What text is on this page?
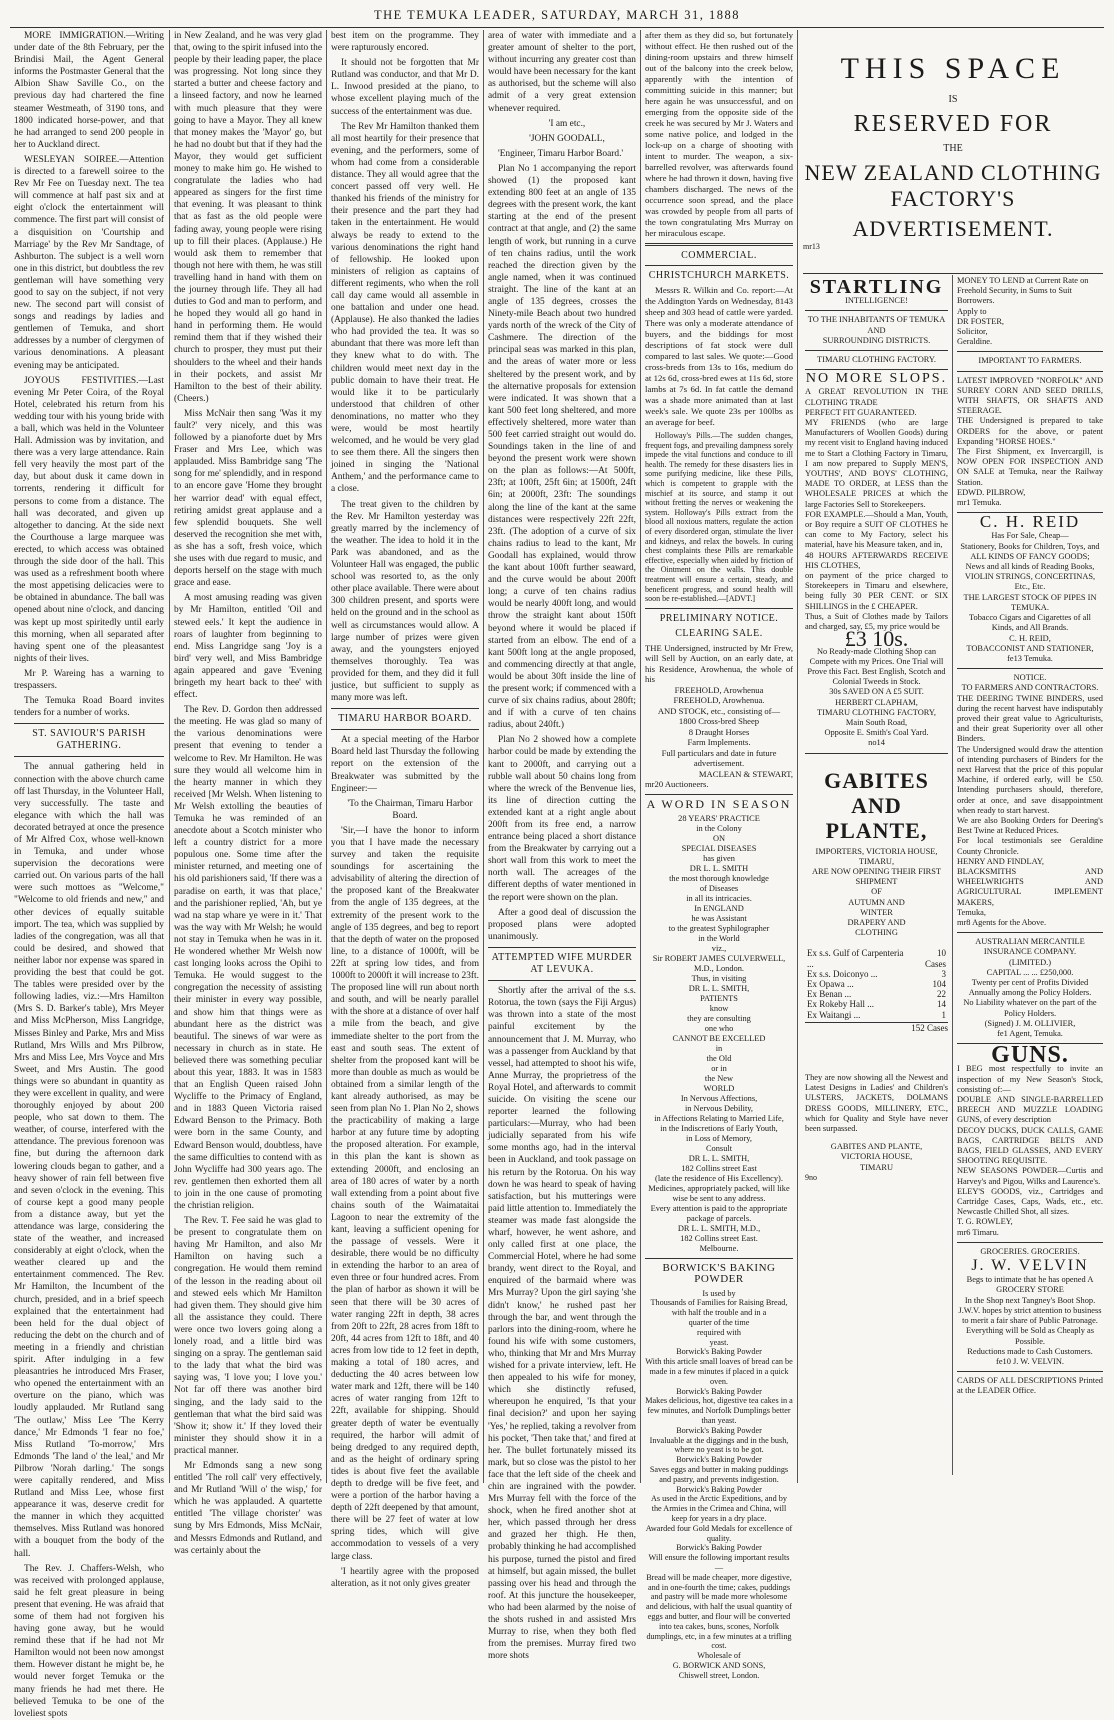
THE TEMUKA LEADER, SATURDAY, MARCH 31, 1888

MORE IMMIGRATION.—Writing under date of the 8th February, per the Brindisi Mail, the Agent General informs the Postmaster General that the Albion Shaw Saville Co., on the previous day had chartered the fine steamer Westmeath, of 3190 tons, and 1800 indicated horse-power, and that he had arranged to send 200 people in her to Auckland direct.

WESLEYAN SOIREE.—Attention is directed to a farewell soiree to the Rev Mr Fee on Tuesday next. The tea will commence at half past six and at eight o'clock the entertainment will commence. The first part will consist of a disquisition on 'Courtship and Marriage' by the Rev Mr Sandtage, of Ashburton. The subject is a well worn one in this district, but doubtless the rev gentleman will have something very good to say on the subject, if not very new. The second part will consist of songs and readings by ladies and gentlemen of Temuka, and short addresses by a number of clergymen of various denominations. A pleasant evening may be anticipated.

JOYOUS FESTIVITIES.—Last evening Mr Peter Coira, of the Royal Hotel, celebrated his return from his wedding tour with his young bride with a ball, which was held in the Volunteer Hall. Admission was by invitation, and there was a very large attendance. Rain fell very heavily the most part of the day, but about dusk it came down in torrents, rendering it difficult for persons to come from a distance. The hall was decorated, and given up altogether to dancing. At the side next the Courthouse a large marquee was erected, to which access was obtained through the side door of the hall. This was used as a refreshment booth where the most appetising delicacies were to be obtained in abundance. The ball was opened about nine o'clock, and dancing was kept up most spiritedly until early this morning, when all separated after having spent one of the pleasantest nights of their lives.

Mr P. Wareing has a warning to trespassers.

The Temuka Road Board invites tenders for a number of works.

ST. SAVIOUR'S PARISH GATHERING.

The annual gathering held in connection with the above church came off last Thursday, in the Volunteer Hall, very successfully. The taste and elegance with which the hall was decorated betrayed at once the presence of Mr Alfred Cox, whose well-known in Temuka, and under whose supervision the decorations were carried out. On various parts of the hall were such mottoes as "Welcome," "Welcome to old friends and new," and other devices of equally suitable import. The tea, which was supplied by ladies of the congregation, was all that could be desired, and showed that neither labor nor expense was spared in providing the best that could be got. The tables were presided over by the following ladies, viz.:—Mrs Hamilton (Mrs S. D. Barker's table), Mrs Meyer and Miss McPherson, Miss Langridge, Misses Binley and Parke, Mrs and Miss Rutland, Mrs Wills and Mrs Pilbrow, Mrs and Miss Lee, Mrs Voyce and Mrs Sweet, and Mrs Austin. The good things were so abundant in quantity as they were excellent in quality, and were thoroughly enjoyed by about 200 people, who sat down to them. The weather, of course, interfered with the attendance. The previous forenoon was fine, but during the afternoon dark lowering clouds began to gather, and a heavy shower of rain fell between five and seven o'clock in the evening. This of course kept a good many people from a distance away, but yet the attendance was large, considering the state of the weather, and increased considerably at eight o'clock, when the weather cleared up and the entertainment commenced. The Rev. Mr Hamilton, the Incumbent of the church, presided, and in a brief speech explained that the entertainment had been held for the dual object of reducing the debt on the church and of meeting in a friendly and christian spirit. After indulging in a few pleasantries he introduced Mrs Fraser, who opened the entertainment with an overture on the piano, which was loudly applauded. Mr Rutland sang 'The outlaw,' Miss Lee 'The Kerry dance,' Mr Edmonds 'I fear no foe,' Miss Rutland 'To-morrow,' Mrs Edmonds 'The land o' the leal,' and Mr Pilbrow 'Norah darling.' The songs were capitally rendered, and Miss Rutland and Miss Lee, whose first appearance it was, deserve credit for the manner in which they acquitted themselves. Miss Rutland was honored with a bouquet from the body of the hall.

The Rev. J. Chaffers-Welsh, who was received with prolonged applause, said he felt great pleasure in being present that evening. He was afraid that some of them had not forgiven his having gone away, but he would remind these that if he had not Mr Hamilton would not been now amongst them. However distant he might be, he would never forget Temuka or the many friends he had met there. He believed Temuka to be one of the loveliest spots

in New Zealand, and he was very glad that, owing to the spirit infused into the people by their leading paper, the place was progressing. Not long since they started a butter and cheese factory and a linseed factory, and now he learned with much pleasure that they were going to have a Mayor. They all knew that money makes the 'Mayor' go, but he had no doubt but that if they had the Mayor, they would get sufficient money to make him go. He wished to congratulate the ladies who had appeared as singers for the first time that evening. It was pleasant to think that as fast as the old people were fading away, young people were rising up to fill their places. (Applause.) He would ask them to remember that though not here with them, he was still travelling hand in hand with them on the journey through life. They all had duties to God and man to perform, and he hoped they would all go hand in hand in performing them. He would remind them that if they wished their church to prosper, they must put their shoulders to the wheel and their hands in their pockets, and assist Mr Hamilton to the best of their ability. (Cheers.)

Miss McNair then sang 'Was it my fault?' very nicely, and this was followed by a pianoforte duet by Mrs Fraser and Mrs Lee, which was applauded. Miss Bambridge sang 'The song for me' splendidly, and in respond to an encore gave 'Home they brought her warrior dead' with equal effect, retiring amidst great applause and a few splendid bouquets. She well deserved the recognition she met with, as she has a soft, fresh voice, which she uses with due regard to music, and deports herself on the stage with much grace and ease.

A most amusing reading was given by Mr Hamilton, entitled 'Oil and stewed eels.' It kept the audience in roars of laughter from beginning to end. Miss Langridge sang 'Joy is a bird' very well, and Miss Bambridge again appeared and gave 'Evening bringeth my heart back to thee' with effect.

The Rev. D. Gordon then addressed the meeting. He was glad so many of the various denominations were present that evening to tender a welcome to Rev. Mr Hamilton. He was sure they would all welcome him in the hearty manner in which they received [Mr Welsh. When listening to Mr Welsh extolling the beauties of Temuka he was reminded of an anecdote about a Scotch minister who left a country district for a more populous one. Some time after the minister returned, and meeting one of his old parishioners said, 'If there was a paradise on earth, it was that place,' and the parishioner replied, 'Ah, but ye wad na stap whare ye were in it.' That was the way with Mr Welsh; he would not stay in Temuka when he was in it. He wondered whether Mr Welsh now cast longing looks across the Opihi to Temuka. He would suggest to the congregation the necessity of assisting their minister in every way possible, and show him that things were as abundant here as the district was beautiful. The sinews of war were as necessary in church as in state. He believed there was something peculiar about this year, 1883. It was in 1583 that an English Queen raised John Wycliffe to the Primacy of England, and in 1883 Queen Victoria raised Edward Benson to the Primacy. Both were born in the same County, and Edward Benson would, doubtless, have the same difficulties to contend with as John Wycliffe had 300 years ago. The rev. gentlemen then exhorted them all to join in the one cause of promoting the christian religion.

The Rev. T. Fee said he was glad to be present to congratulate them on having Mr Hamilton, and also Mr Hamilton on having such a congregation. He would them remind of the lesson in the reading about oil and stewed eels which Mr Hamilton had given them. They should give him all the assistance they could. There were once two lovers going along a lonely road, and a little bird was singing on a spray. The gentleman said to the lady that what the bird was saying was, 'I love you; I love you.' Not far off there was another bird singing, and the lady said to the gentleman that what the bird said was 'Show it; show it.' If they loved their minister they should show it in a practical manner.

Mr Edmonds sang a new song entitled 'The roll call' very effectively, and Mr Rutland 'Will o' the wisp,' for which he was applauded. A quartette entitled 'The village chorister' was sung by Mrs Edmonds, Miss McNair, and Messrs Edmonds and Rutland, and was certainly about the

best item on the programme. They were rapturously encored.

It should not be forgotten that Mr Rutland was conductor, and that Mr D. L. Inwood presided at the piano, to whose excellent playing much of the success of the entertainment was due.

The Rev Mr Hamilton thanked them all most heartily for their presence that evening, and the performers, some of whom had come from a considerable distance. They all would agree that the concert passed off very well. He thanked his friends of the ministry for their presence and the part they had taken in the entertainment. He would always be ready to extend to the various denominations the right hand of fellowship. He looked upon ministers of religion as captains of different regiments, who when the roll call day came would all assemble in one battalion and under one head. (Applause). He also thanked the ladies who had provided the tea. It was so abundant that there was more left than they knew what to do with. The children would meet next day in the public domain to have their treat. He would like it to be particularly understood that children of other denominations, no matter who they were, would be most heartily welcomed, and he would be very glad to see them there. All the singers then joined in singing the 'National Anthem,' and the performance came to a close.

The treat given to the children by the Rev. Mr Hamilton yesterday was greatly marred by the inclemency of the weather. The idea to hold it in the Park was abandoned, and as the Volunteer Hall was engaged, the public school was resorted to, as the only other place available. There were about 300 children present, and sports were held on the ground and in the school as well as circumstances would allow. A large number of prizes were given away, and the youngsters enjoyed themselves thoroughly. Tea was provided for them, and they did it full justice, but sufficient to supply as many more was left.

TIMARU HARBOR BOARD.

At a special meeting of the Harbor Board held last Thursday the following report on the extension of the Breakwater was submitted by the Engineer:—

'To the Chairman, Timaru Harbor Board.

'Sir,—I have the honor to inform you that I have made the necessary survey and taken the requisite soundings for ascertaining the advisability of altering the direction of the proposed kant of the Breakwater from the angle of 135 degrees, at the extremity of the present work to the angle of 135 degrees, and beg to report that the depth of water on the proposed line, to a distance of 1000ft, will be 22ft at spring low tides, and from 1000ft to 2000ft it will increase to 23ft. The proposed line will run about north and south, and will be nearly parallel with the shore at a distance of over half a mile from the beach, and give immediate shelter to the port from the east and south seas. The extent of shelter from the proposed kant will be more than double as much as would be obtained from a similar length of the kant already authorised, as may be seen from plan No 1. Plan No 2, shows the practicability of making a large harbor at any future time by adopting the proposed alteration. For example, in this plan the kant is shown as extending 2000ft, and enclosing an area of 180 acres of water by a north wall extending from a point about five chains south of the Waimataitai Lagoon to near the extremity of the kant, leaving a sufficient opening for the passage of vessels. Were it desirable, there would be no difficulty in extending the harbor to an area of even three or four hundred acres. From the plan of harbor as shown it will be seen that there will be 30 acres of water ranging 22ft in depth, 38 acres from 20ft to 22ft, 28 acres from 18ft to 20ft, 44 acres from 12ft to 18ft, and 40 acres from low tide to 12 feet in depth, making a total of 180 acres, and deducting the 40 acres between low water mark and 12ft, there will be 140 acres of water ranging from 12ft to 22ft, available for shipping. Should greater depth of water be eventually required, the harbor will admit of being dredged to any required depth, and as the height of ordinary spring tides is about five feet the available depth to dredge will be five feet, and were a portion of the harbor having a depth of 22ft deepened by that amount, there will be 27 feet of water at low spring tides, which will give accommodation to vessels of a very large class.

'I heartily agree with the proposed alteration, as it not only gives greater

area of water with immediate and a greater amount of shelter to the port, without incurring any greater cost than would have been necessary for the kant as authorised, but the scheme will also admit of a very great extension whenever required.

'I am etc.,

'JOHN GOODALL,

'Engineer, Timaru Harbor Board.'

Plan No 1 accompanying the report showed (1) the proposed kant extending 800 feet at an angle of 135 degrees with the present work, the kant starting at the end of the present contract at that angle, and (2) the same length of work, but running in a curve of ten chains radius, until the work reached the direction given by the angle named, when it was continued straight. The line of the kant at an angle of 135 degrees, crosses the Ninety-mile Beach about two hundred yards north of the wreck of the City of Cashmere. The direction of the principal seas was marked in this plan, and the areas of water more or less sheltered by the present work, and by the alternative proposals for extension were indicated. It was shown that a kant 500 feet long sheltered, and more effectively sheltered, more water than 500 feet carried straight out would do. Soundings taken in the line of and beyond the present work were shown on the plan as follows:—At 500ft, 23ft; at 100ft, 25ft 6in; at 1500ft, 24ft 6in; at 2000ft, 23ft: The soundings along the line of the kant at the same distances were respectively 22ft 22ft, 23ft. (The adoption of a curve of six chains radius to lead to the kant, Mr Goodall has explained, would throw the kant about 100ft further seaward, and the curve would be about 200ft long; a curve of ten chains radius would be nearly 400ft long, and would throw the straight kant about 150ft beyond where it would be placed if started from an elbow. The end of a kant 500ft long at the angle proposed, and commencing directly at that angle, would be about 30ft inside the line of the present work; if commenced with a curve of six chains radius, about 280ft; and if with a curve of ten chains radius, about 240ft.)

Plan No 2 showed how a complete harbor could be made by extending the kant to 2000ft, and carrying out a rubble wall about 50 chains long from where the wreck of the Benvenue lies, its line of direction cutting the extended kant at a right angle about 200ft from its free end, a narrow entrance being placed a short distance from the Breakwater by carrying out a short wall from this work to meet the north wall. The acreages of the different depths of water mentioned in the report were shown on the plan.

After a good deal of discussion the proposed plans were adopted unanimously.

ATTEMPTED WIFE MURDER AT LEVUKA.

Shortly after the arrival of the s.s. Rotorua, the town (says the Fiji Argus) was thrown into a state of the most painful excitement by the announcement that J. M. Murray, who was a passenger from Auckland by that vessel, had attempted to shoot his wife, Anne Murray, the proprietress of the Royal Hotel, and afterwards to commit suicide. On visiting the scene our reporter learned the following particulars:—Murray, who had been judicially separated from his wife some months ago, had in the interval been in Auckland, and took passage on his return by the Rotorua. On his way down he was heard to speak of having satisfaction, but his mutterings were paid little attention to. Immediately the steamer was made fast alongside the wharf, however, he went ashore, and only called first at one place, the Commercial Hotel, where he had some brandy, went direct to the Royal, and enquired of the barmaid where was Mrs Murray? Upon the girl saying 'she didn't know,' he rushed past her through the bar, and went through the parlors into the dining-room, where he found his wife with some customers, who, thinking that Mr and Mrs Murray wished for a private interview, left. He then appealed to his wife for money, which she distinctly refused, whereupon he enquired, 'Is that your final decision?' and upon her saying 'Yes,' he replied, taking a revolver from his pocket, 'Then take that,' and fired at her. The bullet fortunately missed its mark, but so close was the pistol to her face that the left side of the cheek and chin are ingrained with the powder. Mrs Murray fell with the force of the shock, when he fired another shot at her, which passed through her dress and grazed her thigh. He then, probably thinking he had accomplished his purpose, turned the pistol and fired at himself, but again missed, the bullet passing over his head and through the roof. At this juncture the housekeeper, who had been alarmed by the noise of the shots rushed in and assisted Mrs Murray to rise, when they both fled from the premises. Murray fired two more shots

after them as they did so, but fortunately without effect. He then rushed out of the dining-room upstairs and threw himself out of the balcony into the creek below, apparently with the intention of committing suicide in this manner; but here again he was unsuccessful, and on emerging from the opposite side of the creek he was secured by Mr J. Waters and some native police, and lodged in the lock-up on a charge of shooting with intent to murder. The weapon, a six-barrelled revolver, was afterwards found where he had thrown it down, having five chambers discharged. The news of the occurrence soon spread, and the place was crowded by people from all parts of the town congratulating Mrs Murray on her miraculous escape.

COMMERCIAL.
CHRISTCHURCH MARKETS.

Messrs R. Wilkin and Co. report:—At the Addington Yards on Wednesday, 8143 sheep and 303 head of cattle were yarded. There was only a moderate attendance of buyers, and the biddings for most descriptions of fat stock were dull compared to last sales. We quote:—Good cross-breds from 13s to 16s, medium do at 12s 6d, cross-bred ewes at 11s 6d, store lambs at 7s 6d. In fat cattle the demand was a shade more animated than at last week's sale. We quote 23s per 100lbs as an average for beef.

Holloway's Pills.—The sudden changes, frequent fogs, and prevailing dampness sorely impede the vital functions and conduce to ill health. The remedy for these disasters lies in some purifying medicine, like these Pills, which is competent to grapple with the mischief at its source, and stamp it out without fretting the nerves or weakening the system. Holloway's Pills extract from the blood all noxious matters, regulate the action of every disordered organ, stimulate the liver and kidneys, and relax the bowels. In curing chest complaints these Pills are remarkable effective, especially when aided by friction of the Ointment on the walls. This double treatment will ensure a certain, steady, and beneficent progress, and sound health will soon be re-established.—[ADVT.]

PRELIMINARY NOTICE.
CLEARING SALE.
THE Undersigned, instructed by Mr Frew, will Sell by Auction, on an early date, at his Residence, Arowhenua, the whole of his
FREEHOLD, Arowhenua
FREEHOLD, Arowhenua.
AND STOCK, etc., consisting of—
1800 Cross-bred Sheep
8 Draught Horses
Farm Implements.
Full particulars and date in future advertisement.
MACLEAN & STEWART,
mr20 Auctioneers.
A WORD IN SEASON
28 YEARS' PRACTICE
in the Colony
ON
SPECIAL DISEASES
has given
DR L. L. SMITH
the most thorough knowledge
of Diseases
in all its intricacies.
In ENGLAND
he was Assistant
to the greatest Syphilographer
in the World
viz.,
Sir ROBERT JAMES CULVERWELL,
M.D., London.
Thus, in visiting
DR L. L. SMITH,
PATIENTS
know
they are consulting
one who
CANNOT BE EXCELLED
in
the Old
or in
the New
WORLD
In Nervous Affections,
in Nervous Debility,
in Affections Relating to Married Life,
in the Indiscretions of Early Youth,
in Loss of Memory,
Consult
DR L. L. SMITH,
182 Collins street East
(late the residence of His Excellency).
Medicines, appropriately packed, will like wise be sent to any address.
Every attention is paid to the appropriate package of parcels.
DR L. L. SMITH, M.D.,
182 Collins street East.
Melbourne.
BORWICK'S BAKING POWDER
Is used by
Thousands of Families for Raising Bread,
with half the trouble and in a
quarter of the time
required with
yeast.
Borwick's Baking Powder
With this article small loaves of bread can be made in a few minutes if placed in a quick oven.
Borwick's Baking Powder
Makes delicious, hot, digestive tea cakes in a few minutes, and Norfolk Dumplings better than yeast.
Borwick's Baking Powder
Invaluable at the diggings and in the bush, where no yeast is to be got.
Borwick's Baking Powder
Saves eggs and butter in making puddings and pastry, and prevents indigestion.
Borwick's Baking Powder
As used in the Arctic Expeditions, and by the Armies in the Crimea and China, will keep for years in a dry place.
Awarded four Gold Medals for excellence of quality.
Borwick's Baking Powder
Will ensure the following important results—
Bread will be made cheaper, more digestive, and in one-fourth the time; cakes, puddings and pastry will be made more wholesome and delicious, with half the usual quantity of eggs and butter, and flour will be converted into tea cakes, buns, scones, Norfolk dumplings, etc, in a few minutes at a trifling cost.
Wholesale of
G. BORWICK AND SONS,
Chiswell street, London.
THIS SPACE
IS
RESERVED FOR
THE
NEW ZEALAND CLOTHING FACTORY'S
ADVERTISEMENT.
mr13
STARTLING
INTELLIGENCE!
TO THE INHABITANTS OF TEMUKA
AND
SURROUNDING DISTRICTS.
TIMARU CLOTHING FACTORY.
NO MORE SLOPS.
A GREAT REVOLUTION IN THE CLOTHING TRADE
PERFECT FIT GUARANTEED.
MY FRIENDS (who are large Manufacturers of Woollen Goods) during my recent visit to England having induced me to Start a Clothing Factory in Timaru, I am now prepared to Supply MEN'S, YOUTHS', AND BOYS' CLOTHING, MADE TO ORDER, at LESS than the WHOLESALE PRICES at which the large Factories Sell to Storekeepers.
FOR EXAMPLE.—Should a Man, Youth, or Boy require a SUIT OF CLOTHES he can come to My Factory, select his material, have his Measure taken, and in,
48 HOURS AFTERWARDS RECEIVE HIS CLOTHES,
on payment of the price charged to Storekeepers in Timaru and elsewhere, being fully 30 PER CENT. or SIX SHILLINGS in the £ CHEAPER.
Thus, a Suit of Clothes made by Tailors and charged, say, £5, my price would be
£3 10s.
No Ready-made Clothing Shop can Compete with my Prices. One Trial will Prove this Fact. Best English, Scotch and Colonial Tweeds in Stock.
30s SAVED ON A £5 SUIT.
HERBERT CLAPHAM,
TIMARU CLOTHING FACTORY,
Main South Road,
Opposite E. Smith's Coal Yard.
no14
GABITES AND PLANTE,
IMPORTERS, VICTORIA HOUSE,
TIMARU,
ARE NOW OPENING THEIR FIRST SHIPMENT
OF
AUTUMN AND
WINTER
DRAPERY AND
CLOTHING
Ex s.s. Gulf of Carpenteria ...	10 Cases
Ex s.s. Doiconyo ...	3
Ex Opawa ...	104
Ex Benan ...	22
Ex Rokeby Hall ...	14
Ex Waitangi ...	1
152 Cases
They are now showing all the Newest and Latest Designs in Ladies' and Children's ULSTERS, JACKETS, DOLMANS DRESS GOODS, MILLINERY, ETC., which for Quality and Style have never been surpassed.
GABITES AND PLANTE,
VICTORIA HOUSE,
TIMARU
9no
MONEY TO LEND at Current Rate on Freehold Security, in Sums to Suit Borrowers.
Apply to
DR FOSTER,
Solicitor,
Geraldine.
IMPORTANT TO FARMERS.
LATEST IMPROVED "NORFOLK" AND SURREY CORN AND SEED DRILLS, WITH SHAFTS, OR SHAFTS AND STEERAGE.
THE Undersigned is prepared to take ORDERS for the above, or patent Expanding "HORSE HOES."
The First Shipment, ex Invercargill, is NOW OPEN FOR INSPECTION AND ON SALE at Temuka, near the Railway Station.
EDWD. PILBROW,
mr1 Temuka.
C. H. REID
Has For Sale, Cheap—
Stationery, Books for Children, Toys, and ALL KINDS OF FANCY GOODS;
News and all kinds of Reading Books,
VIOLIN STRINGS, CONCERTINAS,
Etc., Etc.
THE LARGEST STOCK OF PIPES IN TEMUKA.
Tobacco Cigars and Cigarettes of all Kinds, and All Brands.
C. H. REID,
TOBACCONIST AND STATIONER,
fe13 Temuka.
NOTICE.
TO FARMERS AND CONTRACTORS.
THE DEERING TWINE BINDERS, used during the recent harvest have indisputably proved their great value to Agriculturists, and their great Superiority over all other Binders.
The Undersigned would draw the attention of intending purchasers of Binders for the next Harvest that the price of this popular Machine, if ordered early, will be £50. Intending purchasers should, therefore, order at once, and save disappointment when ready to start harvest.
We are also Booking Orders for Deering's Best Twine at Reduced Prices.
For local testimonials see Geraldine County Chronicle.
HENRY AND FINDLAY,
BLACKSMITHS AND WHEELWRIGHTS AND AGRICULTURAL IMPLEMENT MAKERS,
Temuka,
mr8 Agents for the Above.
AUSTRALIAN MERCANTILE
INSURANCE COMPANY.
(LIMITED.)
CAPITAL ... ... £250,000.
Twenty per cent of Profits Divided Annually among the Policy Holders.
No Liability whatever on the part of the Policy Holders.
(Signed) J. M. OLLIVIER,
fe1 Agent, Temuka.
GUNS.
I BEG most respectfully to invite an inspection of my New Season's Stock, consisting of:—
DOUBLE AND SINGLE-BARRELLED BREECH AND MUZZLE LOADING GUNS, of every description
DECOY DUCKS, DUCK CALLS, GAME BAGS, CARTRIDGE BELTS AND BAGS, FIELD GLASSES, AND EVERY SHOOTING REQUISITE.
NEW SEASONS POWDER—Curtis and Harvey's and Pigou, Wilks and Laurence's.
ELEY'S GOODS, viz., Cartridges and Cartridge Cases, Caps, Wads, etc., etc. Newcastle Chilled Shot, all sizes.
T. G. ROWLEY,
mr6 Timaru.
GROCERIES. GROCERIES.
J. W. VELVIN
Begs to intimate that he has opened A GROCERY STORE
In the Shop next Tangney's Boot Shop.
J.W.V. hopes by strict attention to business to merit a fair share of Public Patronage.
Everything will be Sold as Cheaply as Possible.
Reductions made to Cash Customers.
fe10 J. W. VELVIN.
CARDS OF ALL DESCRIPTIONS Printed at the LEADER Office.
